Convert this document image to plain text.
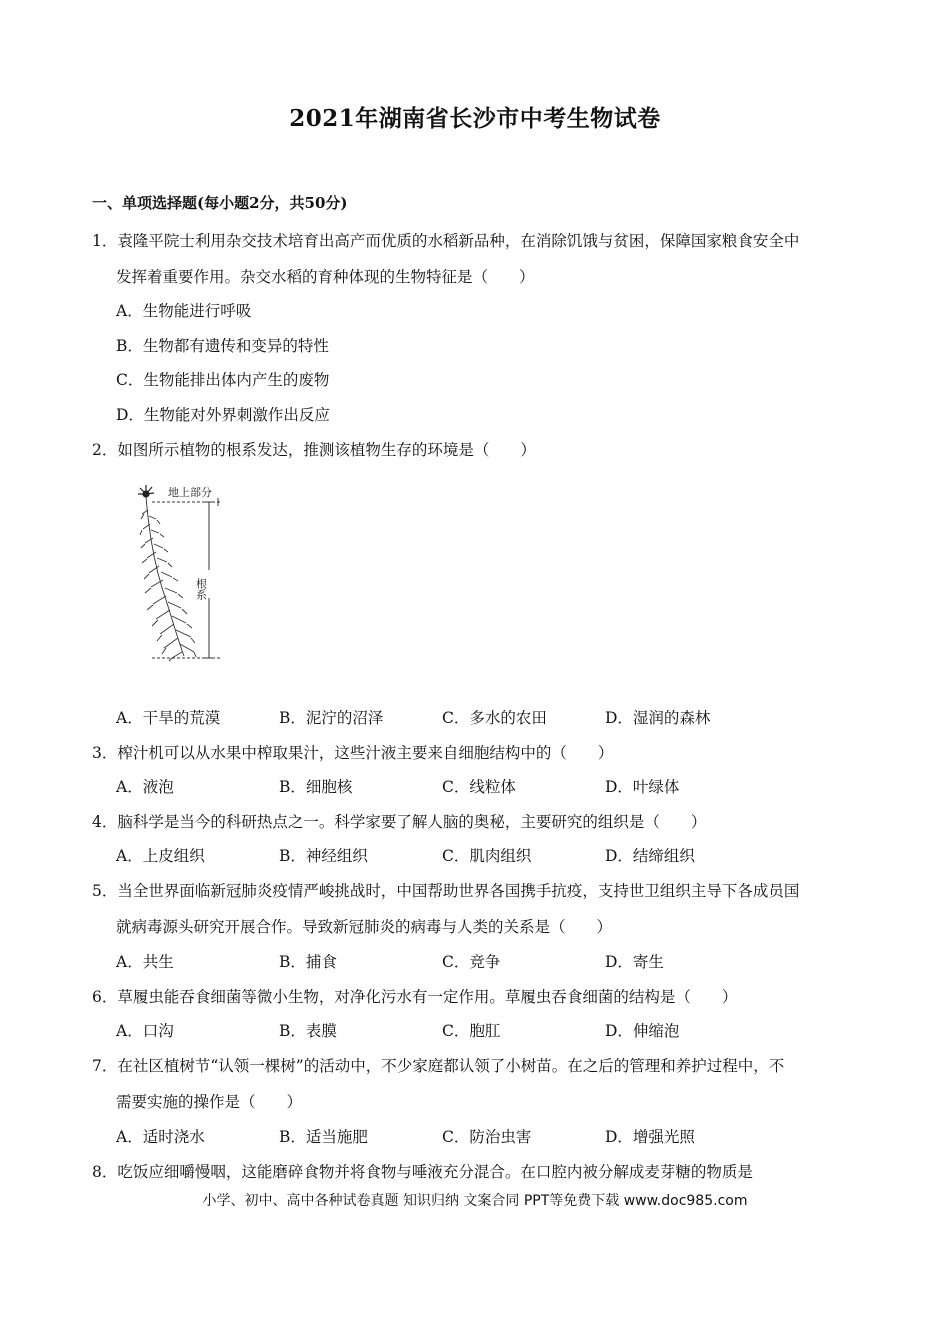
2021年湖南省长沙市中考生物试卷
一、单项选择题(每小题2分，共50分)
1．袁隆平院士利用杂交技术培育出高产而优质的水稻新品种，在消除饥饿与贫困，保障国家粮食安全中
发挥着重要作用。杂交水稻的育种体现的生物特征是（　　）
A．生物能进行呼吸
B．生物都有遗传和变异的特性
C．生物能排出体内产生的废物
D．生物能对外界刺激作出反应
2．如图所示植物的根系发达，推测该植物生存的环境是（　　）
地上部分
根系
A．干旱的荒漠	B．泥泞的沼泽	C．多水的农田	D．湿润的森林
3．榨汁机可以从水果中榨取果汁，这些汁液主要来自细胞结构中的（　　）
A．液泡	B．细胞核	C．线粒体	D．叶绿体
4．脑科学是当今的科研热点之一。科学家要了解人脑的奥秘，主要研究的组织是（　　）
A．上皮组织	B．神经组织	C．肌肉组织	D．结缔组织
5．当全世界面临新冠肺炎疫情严峻挑战时，中国帮助世界各国携手抗疫，支持世卫组织主导下各成员国
就病毒源头研究开展合作。导致新冠肺炎的病毒与人类的关系是（　　）
A．共生	B．捕食	C．竞争	D．寄生
6．草履虫能吞食细菌等微小生物，对净化污水有一定作用。草履虫吞食细菌的结构是（　　）
A．口沟	B．表膜	C．胞肛	D．伸缩泡
7．在社区植树节“认领一棵树”的活动中，不少家庭都认领了小树苗。在之后的管理和养护过程中，不
需要实施的操作是（　　）
A．适时浇水	B．适当施肥	C．防治虫害	D．增强光照
8．吃饭应细嚼慢咽，这能磨碎食物并将食物与唾液充分混合。在口腔内被分解成麦芽糖的物质是
小学、初中、高中各种试卷真题 知识归纳 文案合同 PPT等免费下载 www.doc985.com
